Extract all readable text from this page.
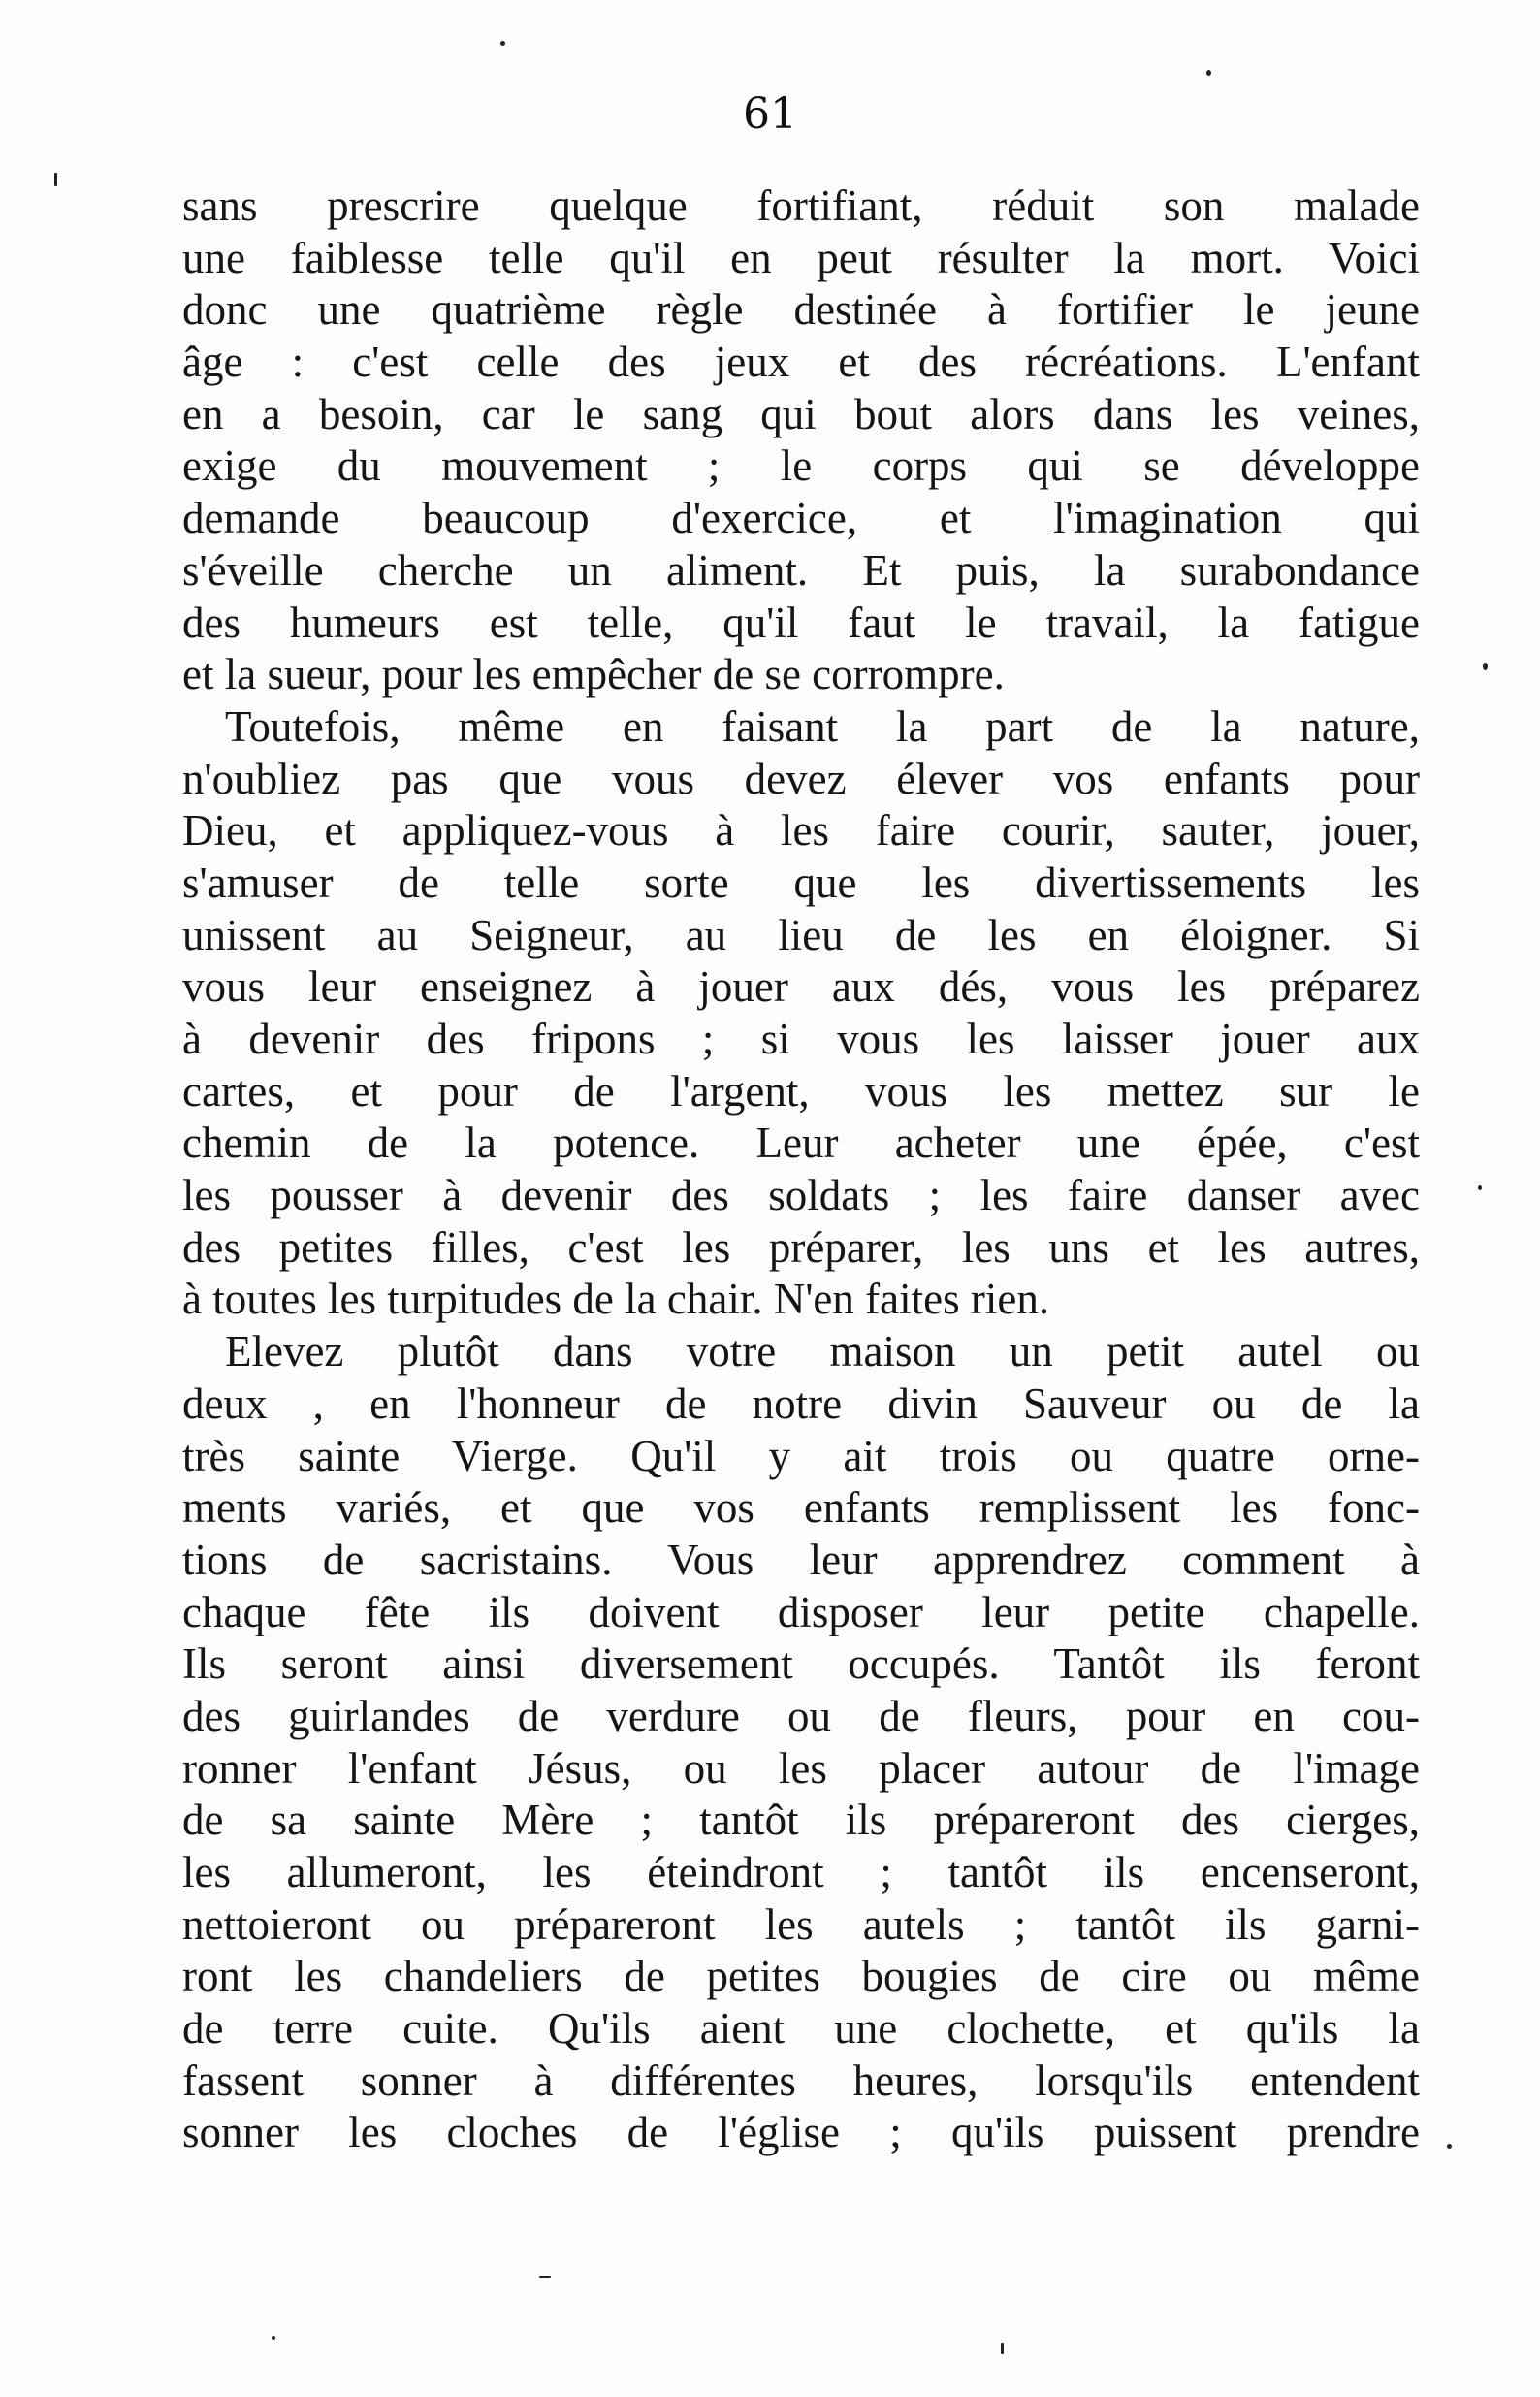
61
sans prescrire quelque fortifiant, réduit son malade
une faiblesse telle qu'il en peut résulter la mort. Voici
donc une quatrième règle destinée à fortifier le jeune
âge : c'est celle des jeux et des récréations. L'enfant
en a besoin, car le sang qui bout alors dans les veines,
exige du mouvement ; le corps qui se développe
demande beaucoup d'exercice, et l'imagination qui
s'éveille cherche un aliment. Et puis, la surabondance
des humeurs est telle, qu'il faut le travail, la fatigue
et la sueur, pour les empêcher de se corrompre.
Toutefois, même en faisant la part de la nature,
n'oubliez pas que vous devez élever vos enfants pour
Dieu, et appliquez-vous à les faire courir, sauter, jouer,
s'amuser de telle sorte que les divertissements les
unissent au Seigneur, au lieu de les en éloigner. Si
vous leur enseignez à jouer aux dés, vous les préparez
à devenir des fripons ; si vous les laisser jouer aux
cartes, et pour de l'argent, vous les mettez sur le
chemin de la potence. Leur acheter une épée, c'est
les pousser à devenir des soldats ; les faire danser avec
des petites filles, c'est les préparer, les uns et les autres,
à toutes les turpitudes de la chair. N'en faites rien.
Elevez plutôt dans votre maison un petit autel ou
deux , en l'honneur de notre divin Sauveur ou de la
très sainte Vierge. Qu'il y ait trois ou quatre orne-
ments variés, et que vos enfants remplissent les fonc-
tions de sacristains. Vous leur apprendrez comment à
chaque fête ils doivent disposer leur petite chapelle.
Ils seront ainsi diversement occupés. Tantôt ils feront
des guirlandes de verdure ou de fleurs, pour en cou-
ronner l'enfant Jésus, ou les placer autour de l'image
de sa sainte Mère ; tantôt ils prépareront des cierges,
les allumeront, les éteindront ; tantôt ils encenseront,
nettoieront ou prépareront les autels ; tantôt ils garni-
ront les chandeliers de petites bougies de cire ou même
de terre cuite. Qu'ils aient une clochette, et qu'ils la
fassent sonner à différentes heures, lorsqu'ils entendent
sonner les cloches de l'église ; qu'ils puissent prendre
